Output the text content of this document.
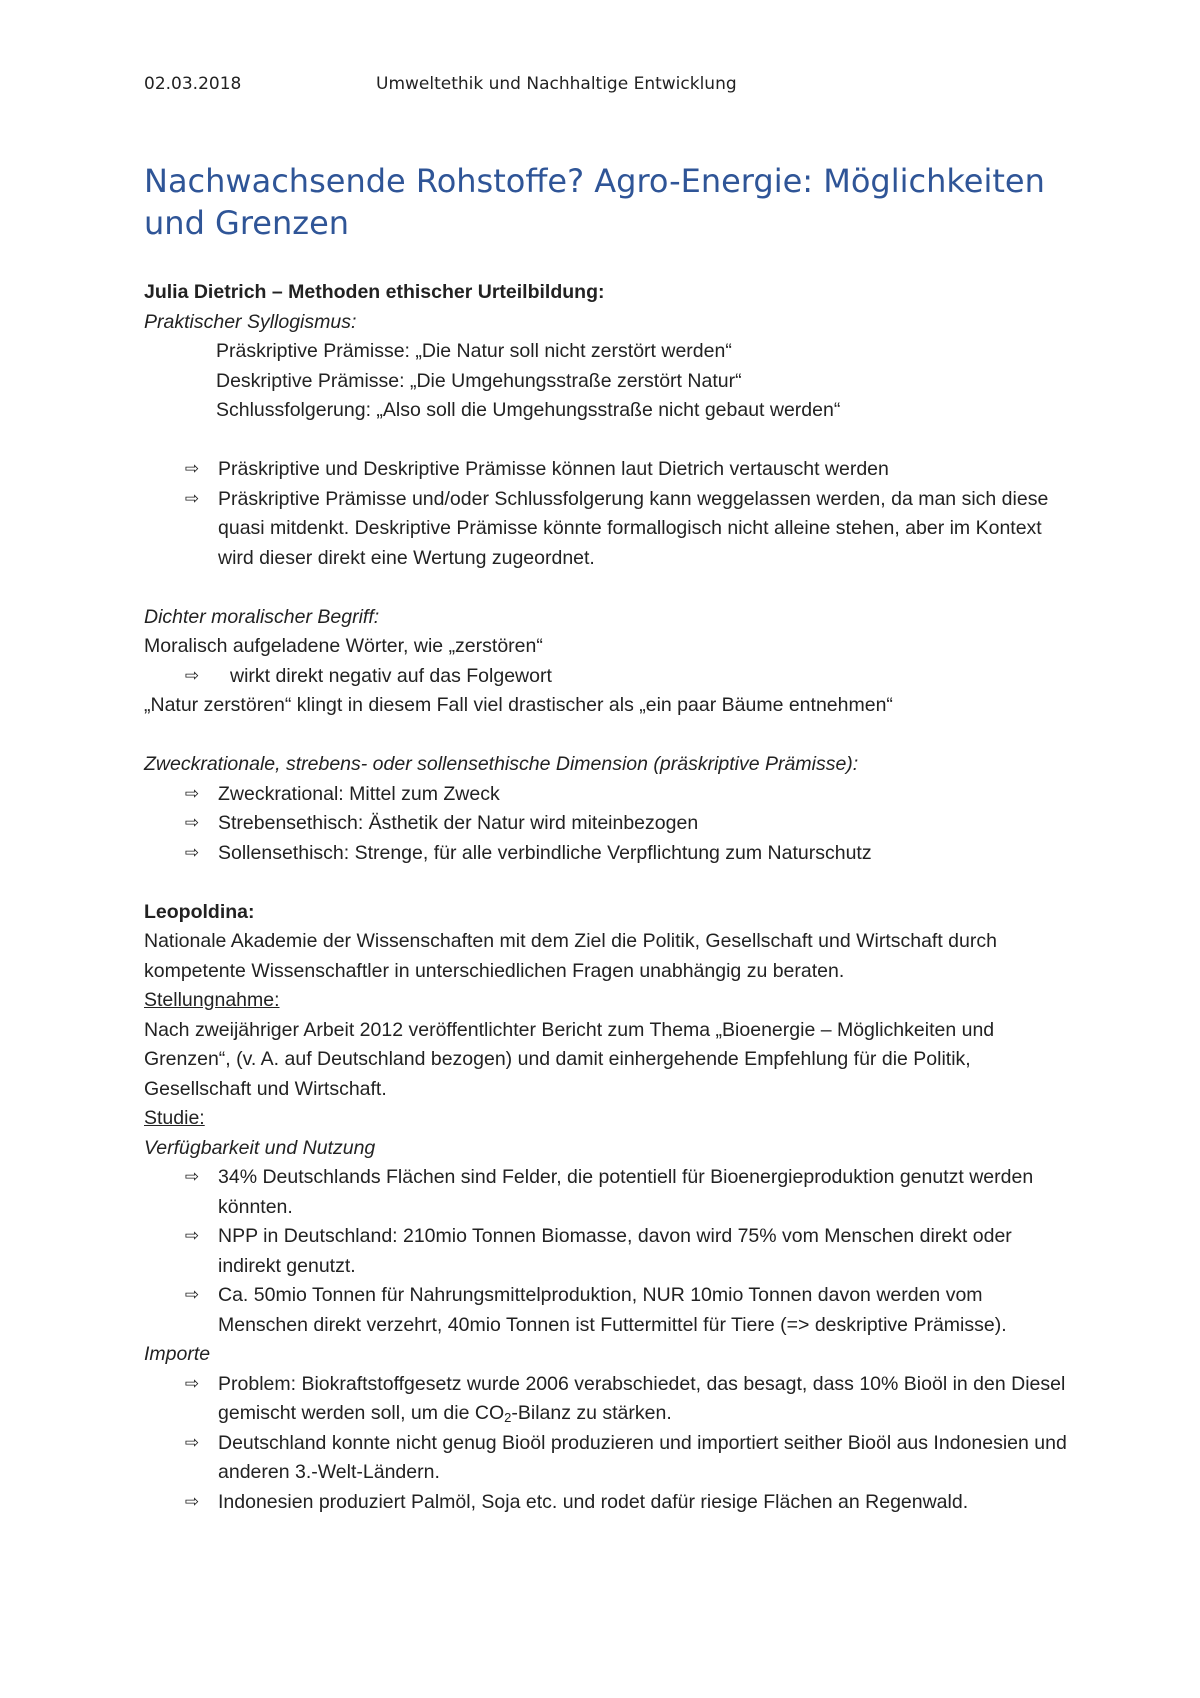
02.03.2018	Umweltethik und Nachhaltige Entwicklung
Nachwachsende Rohstoffe? Agro-Energie: Möglichkeiten und Grenzen

Julia Dietrich – Methoden ethischer Urteilbildung:

Praktischer Syllogismus:

Präskriptive Prämisse: „Die Natur soll nicht zerstört werden“

Deskriptive Prämisse: „Die Umgehungsstraße zerstört Natur“

Schlussfolgerung: „Also soll die Umgehungsstraße nicht gebaut werden“

⇨ Präskriptive und Deskriptive Prämisse können laut Dietrich vertauscht werden

⇨ Präskriptive Prämisse und/oder Schlussfolgerung kann weggelassen werden, da man sich diese quasi mitdenkt. Deskriptive Prämisse könnte formallogisch nicht alleine stehen, aber im Kontext wird dieser direkt eine Wertung zugeordnet.

Dichter moralischer Begriff:

Moralisch aufgeladene Wörter, wie „zerstören“

⇨ wirkt direkt negativ auf das Folgewort

„Natur zerstören“ klingt in diesem Fall viel drastischer als „ein paar Bäume entnehmen“

Zweckrationale, strebens- oder sollensethische Dimension (präskriptive Prämisse):

⇨ Zweckrational: Mittel zum Zweck

⇨ Strebensethisch: Ästhetik der Natur wird miteinbezogen

⇨ Sollensethisch: Strenge, für alle verbindliche Verpflichtung zum Naturschutz

Leopoldina:

Nationale Akademie der Wissenschaften mit dem Ziel die Politik, Gesellschaft und Wirtschaft durch kompetente Wissenschaftler in unterschiedlichen Fragen unabhängig zu beraten.

Stellungnahme:

Nach zweijähriger Arbeit 2012 veröffentlichter Bericht zum Thema „Bioenergie – Möglichkeiten und Grenzen“, (v. A. auf Deutschland bezogen) und damit einhergehende Empfehlung für die Politik, Gesellschaft und Wirtschaft.

Studie:

Verfügbarkeit und Nutzung

⇨ 34% Deutschlands Flächen sind Felder, die potentiell für Bioenergieproduktion genutzt werden könnten.

⇨ NPP in Deutschland: 210mio Tonnen Biomasse, davon wird 75% vom Menschen direkt oder indirekt genutzt.

⇨ Ca. 50mio Tonnen für Nahrungsmittelproduktion, NUR 10mio Tonnen davon werden vom Menschen direkt verzehrt, 40mio Tonnen ist Futtermittel für Tiere (=> deskriptive Prämisse).

Importe

⇨ Problem: Biokraftstoffgesetz wurde 2006 verabschiedet, das besagt, dass 10% Bioöl in den Diesel gemischt werden soll, um die $CO_2$-Bilanz zu stärken.

⇨ Deutschland konnte nicht genug Bioöl produzieren und importiert seither Bioöl aus Indonesien und anderen 3.-Welt-Ländern.

⇨ Indonesien produziert Palmöl, Soja etc. und rodet dafür riesige Flächen an Regenwald.
